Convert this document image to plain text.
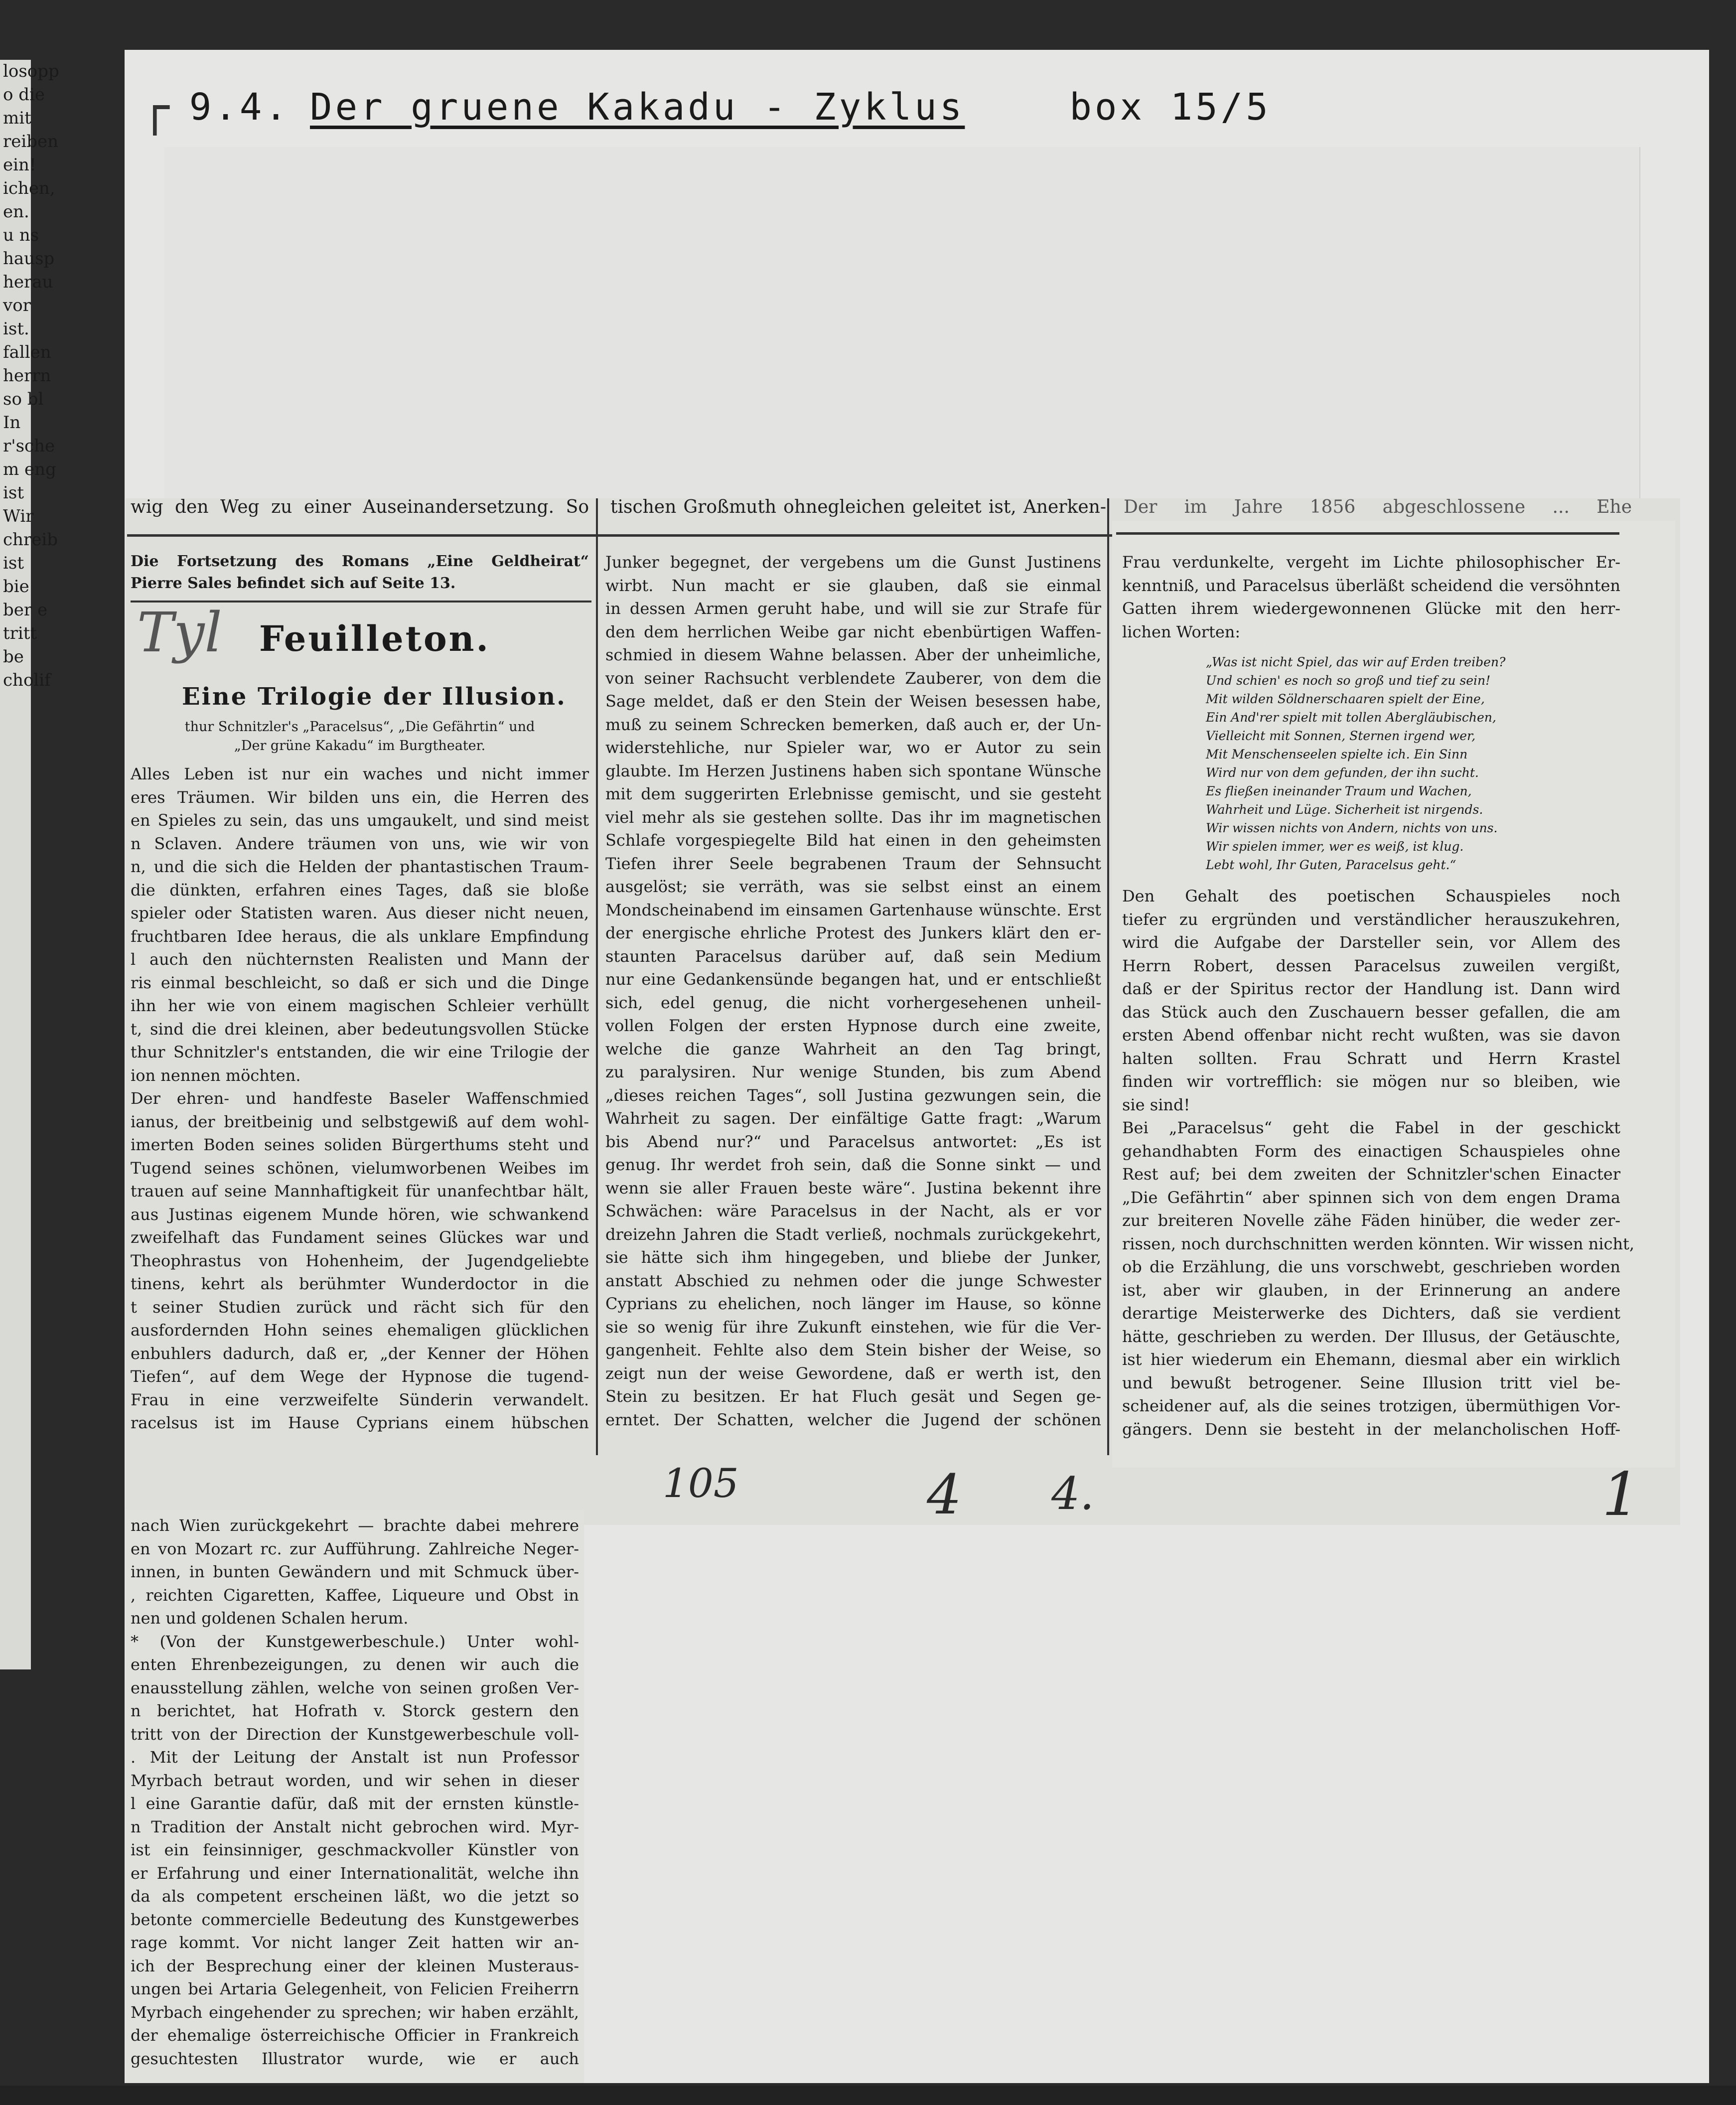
losopp
o die
mit
reiben
ein!
ichen,
en.
u ns
hausp
herau
vor
ist.
fallen
herrn
so bl
In
r'sche
m eng
ist
Wir
chreib
ist
bie
ber e
tritt
be
cholif
┌ 9.4. Der gruene Kakadu - Zyklus	box 15/5
wig den Weg zu einer Auseinandersetzung. So tischen Großmuth ohnegleichen geleitet ist, Anerken- Der im Jahre 1856 abgeschlossene ... Ehe
Die Fortsetzung des Romans „Eine Geldheirat“
Pierre Sales befindet sich auf Seite 13.
Tyl Feuilleton.
Eine Trilogie der Illusion.
thur Schnitzler's „Paracelsus“, „Die Gefährtin“ und
„Der grüne Kakadu“ im Burgtheater.
Alles Leben ist nur ein waches und nicht immer
eres Träumen. Wir bilden uns ein, die Herren des
en Spieles zu sein, das uns umgaukelt, und sind meist
n Sclaven. Andere träumen von uns, wie wir von
n, und die sich die Helden der phantastischen Traum-
die dünkten, erfahren eines Tages, daß sie bloße
spieler oder Statisten waren. Aus dieser nicht neuen,
fruchtbaren Idee heraus, die als unklare Empfindung
l auch den nüchternsten Realisten und Mann der
ris einmal beschleicht, so daß er sich und die Dinge
ihn her wie von einem magischen Schleier verhüllt
t, sind die drei kleinen, aber bedeutungsvollen Stücke
thur Schnitzler's entstanden, die wir eine Trilogie der
ion nennen möchten.
Der ehren- und handfeste Baseler Waffenschmied
ianus, der breitbeinig und selbstgewiß auf dem wohl-
imerten Boden seines soliden Bürgerthums steht und
Tugend seines schönen, vielumworbenen Weibes im
trauen auf seine Mannhaftigkeit für unanfechtbar hält,
aus Justinas eigenem Munde hören, wie schwankend
zweifelhaft das Fundament seines Glückes war und
Theophrastus von Hohenheim, der Jugendgeliebte
tinens, kehrt als berühmter Wunderdoctor in die
t seiner Studien zurück und rächt sich für den
ausfordernden Hohn seines ehemaligen glücklichen
enbuhlers dadurch, daß er, „der Kenner der Höhen
Tiefen“, auf dem Wege der Hypnose die tugend-
Frau in eine verzweifelte Sünderin verwandelt.
racelsus ist im Hause Cyprians einem hübschen
Junker begegnet, der vergebens um die Gunst Justinens
wirbt. Nun macht er sie glauben, daß sie einmal
in dessen Armen geruht habe, und will sie zur Strafe für
den dem herrlichen Weibe gar nicht ebenbürtigen Waffen-
schmied in diesem Wahne belassen. Aber der unheimliche,
von seiner Rachsucht verblendete Zauberer, von dem die
Sage meldet, daß er den Stein der Weisen besessen habe,
muß zu seinem Schrecken bemerken, daß auch er, der Un-
widerstehliche, nur Spieler war, wo er Autor zu sein
glaubte. Im Herzen Justinens haben sich spontane Wünsche
mit dem suggerirten Erlebnisse gemischt, und sie gesteht
viel mehr als sie gestehen sollte. Das ihr im magnetischen
Schlafe vorgespiegelte Bild hat einen in den geheimsten
Tiefen ihrer Seele begrabenen Traum der Sehnsucht
ausgelöst; sie verräth, was sie selbst einst an einem
Mondscheinabend im einsamen Gartenhause wünschte. Erst
der energische ehrliche Protest des Junkers klärt den er-
staunten Paracelsus darüber auf, daß sein Medium
nur eine Gedankensünde begangen hat, und er entschließt
sich, edel genug, die nicht vorhergesehenen unheil-
vollen Folgen der ersten Hypnose durch eine zweite,
welche die ganze Wahrheit an den Tag bringt,
zu paralysiren. Nur wenige Stunden, bis zum Abend
„dieses reichen Tages“, soll Justina gezwungen sein, die
Wahrheit zu sagen. Der einfältige Gatte fragt: „Warum
bis Abend nur?“ und Paracelsus antwortet: „Es ist
genug. Ihr werdet froh sein, daß die Sonne sinkt — und
wenn sie aller Frauen beste wäre“. Justina bekennt ihre
Schwächen: wäre Paracelsus in der Nacht, als er vor
dreizehn Jahren die Stadt verließ, nochmals zurückgekehrt,
sie hätte sich ihm hingegeben, und bliebe der Junker,
anstatt Abschied zu nehmen oder die junge Schwester
Cyprians zu ehelichen, noch länger im Hause, so könne
sie so wenig für ihre Zukunft einstehen, wie für die Ver-
gangenheit. Fehlte also dem Stein bisher der Weise, so
zeigt nun der weise Gewordene, daß er werth ist, den
Stein zu besitzen. Er hat Fluch gesät und Segen ge-
erntet. Der Schatten, welcher die Jugend der schönen
Frau verdunkelte, vergeht im Lichte philosophischer Er-
kenntniß, und Paracelsus überläßt scheidend die versöhnten
Gatten ihrem wiedergewonnenen Glücke mit den herr-
lichen Worten:
„Was ist nicht Spiel, das wir auf Erden treiben?
Und schien' es noch so groß und tief zu sein!
Mit wilden Söldnerschaaren spielt der Eine,
Ein And'rer spielt mit tollen Abergläubischen,
Vielleicht mit Sonnen, Sternen irgend wer,
Mit Menschenseelen spielte ich. Ein Sinn
Wird nur von dem gefunden, der ihn sucht.
Es fließen ineinander Traum und Wachen,
Wahrheit und Lüge. Sicherheit ist nirgends.
Wir wissen nichts von Andern, nichts von uns.
Wir spielen immer, wer es weiß, ist klug.
Lebt wohl, Ihr Guten, Paracelsus geht.“
Den Gehalt des poetischen Schauspieles noch
tiefer zu ergründen und verständlicher herauszukehren,
wird die Aufgabe der Darsteller sein, vor Allem des
Herrn Robert, dessen Paracelsus zuweilen vergißt,
daß er der Spiritus rector der Handlung ist. Dann wird
das Stück auch den Zuschauern besser gefallen, die am
ersten Abend offenbar nicht recht wußten, was sie davon
halten sollten. Frau Schratt und Herrn Krastel
finden wir vortrefflich: sie mögen nur so bleiben, wie
sie sind!
Bei „Paracelsus“ geht die Fabel in der geschickt
gehandhabten Form des einactigen Schauspieles ohne
Rest auf; bei dem zweiten der Schnitzler'schen Einacter
„Die Gefährtin“ aber spinnen sich von dem engen Drama
zur breiteren Novelle zähe Fäden hinüber, die weder zer-
rissen, noch durchschnitten werden könnten. Wir wissen nicht,
ob die Erzählung, die uns vorschwebt, geschrieben worden
ist, aber wir glauben, in der Erinnerung an andere
derartige Meisterwerke des Dichters, daß sie verdient
hätte, geschrieben zu werden. Der Illusus, der Getäuschte,
ist hier wiederum ein Ehemann, diesmal aber ein wirklich
und bewußt betrogener. Seine Illusion tritt viel be-
scheidener auf, als die seines trotzigen, übermüthigen Vor-
gängers. Denn sie besteht in der melancholischen Hoff-
105	4 4.	1
nach Wien zurückgekehrt — brachte dabei mehrere
en von Mozart rc. zur Aufführung. Zahlreiche Neger-
innen, in bunten Gewändern und mit Schmuck über-
, reichten Cigaretten, Kaffee, Liqueure und Obst in
nen und goldenen Schalen herum.
* (Von der Kunstgewerbeschule.) Unter wohl-
enten Ehrenbezeigungen, zu denen wir auch die
enausstellung zählen, welche von seinen großen Ver-
n berichtet, hat Hofrath v. Storck gestern den
tritt von der Direction der Kunstgewerbeschule voll-
. Mit der Leitung der Anstalt ist nun Professor
Myrbach betraut worden, und wir sehen in dieser
l eine Garantie dafür, daß mit der ernsten künstle-
n Tradition der Anstalt nicht gebrochen wird. Myr-
ist ein feinsinniger, geschmackvoller Künstler von
er Erfahrung und einer Internationalität, welche ihn
da als competent erscheinen läßt, wo die jetzt so
betonte commercielle Bedeutung des Kunstgewerbes
rage kommt. Vor nicht langer Zeit hatten wir an-
ich der Besprechung einer der kleinen Musteraus-
ungen bei Artaria Gelegenheit, von Felicien Freiherrn
Myrbach eingehender zu sprechen; wir haben erzählt,
der ehemalige österreichische Officier in Frankreich
gesuchtesten Illustrator wurde, wie er auch
